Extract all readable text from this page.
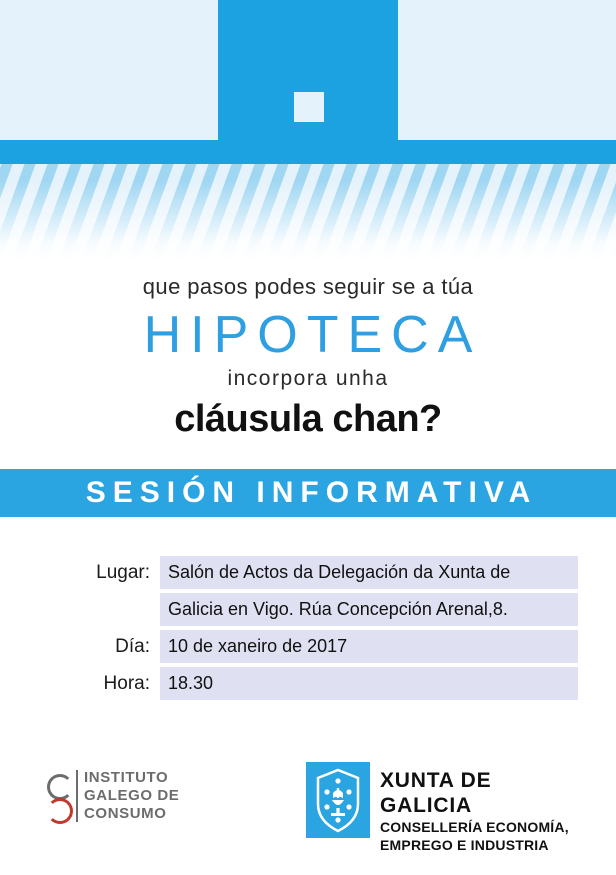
que pasos podes seguir se a túa
HIPOTECA
incorpora unha
cláusula chan?
SESIÓN INFORMATIVA
Lugar:	Salón de Actos da Delegación da Xunta de
Galicia en Vigo. Rúa Concepción Arenal,8.
Día:	10 de xaneiro de 2017
Hora:	18.30
INSTITUTO
GALEGO DE
CONSUMO
XUNTA DE GALICIA
CONSELLERÍA ECONOMÍA,
EMPREGO E INDUSTRIA
